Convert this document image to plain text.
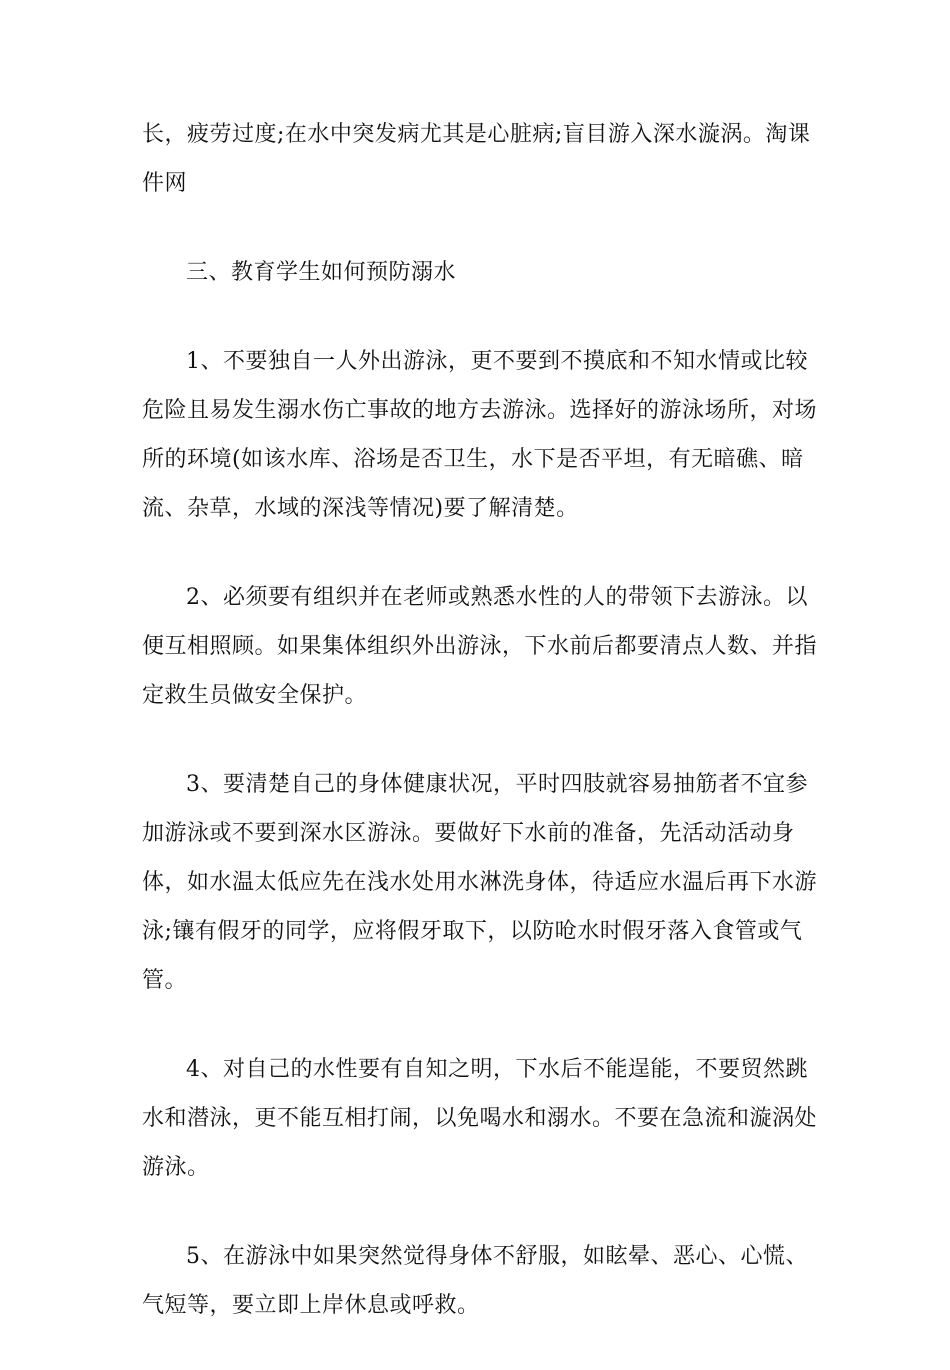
长，疲劳过度;在水中突发病尤其是心脏病;盲目游入深水漩涡。淘课件网

三、教育学生如何预防溺水

1、不要独自一人外出游泳，更不要到不摸底和不知水情或比较危险且易发生溺水伤亡事故的地方去游泳。选择好的游泳场所，对场所的环境(如该水库、浴场是否卫生，水下是否平坦，有无暗礁、暗流、杂草，水域的深浅等情况)要了解清楚。

2、必须要有组织并在老师或熟悉水性的人的带领下去游泳。以便互相照顾。如果集体组织外出游泳，下水前后都要清点人数、并指定救生员做安全保护。

3、要清楚自己的身体健康状况，平时四肢就容易抽筋者不宜参加游泳或不要到深水区游泳。要做好下水前的准备，先活动活动身体，如水温太低应先在浅水处用水淋洗身体，待适应水温后再下水游泳;镶有假牙的同学，应将假牙取下，以防呛水时假牙落入食管或气管。

4、对自己的水性要有自知之明，下水后不能逞能，不要贸然跳水和潜泳，更不能互相打闹，以免喝水和溺水。不要在急流和漩涡处游泳。

5、在游泳中如果突然觉得身体不舒服，如眩晕、恶心、心慌、气短等，要立即上岸休息或呼救。
